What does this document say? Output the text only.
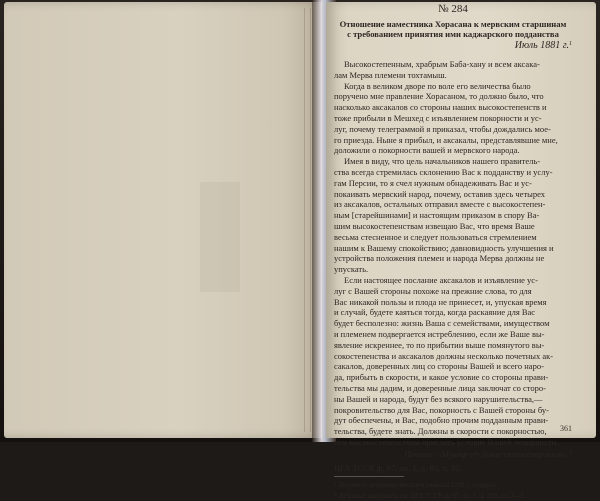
№ 284
Отношение наместника Хорасана к мервским старшинам
с требованием принятия ими каджарского подданства
Июль 1881 г.$^1$

Высокостепенным, храбрым Баба-хану и всем аксака-
лам Мерва племени тохтамыш.

Когда в великом дворе по воле его величества было
поручено мне правление Хорасаном, то должно было, что
насколько аксакалов со стороны наших высокостепенств и
тоже прибыли в Мешхед с изъявлением покорности и ус-
луг, почему телеграммой я приказал, чтобы дождались мое-
го приезда. Ныне я прибыл, и аксакалы, представлявшие мне,
доложили о покорности вашей и мервского народа.

Имея в виду, что цель начальников нашего правитель-
ства всегда стремилась склонению Вас к подданству и услу-
гам Персии, то я счел нужным обнадеживать Вас и ус-
покаивать мервский народ, почему, оставив здесь четырех
из аксакалов, остальных отправил вместе с высокостепен-
ным [старейшинами] и настоящим приказом в спору Ва-
шим высокостепенствам извещаю Вас, что время Ваше
весьма стесненное и следует пользоваться стремлением
нашим к Вашему спокойствию; давновидность улучшения и
устройства положения племен и народа Мерва должны не
упускать.

Если настоящее послание аксакалов и изъявление ус-
луг с Вашей стороны похоже на прежние слова, то для
Вас никакой пользы и плода не принесет, и, упуская время
и случай, будете каяться тогда, когда раскаяние для Вас
будет бесполезно: жизнь Ваша с семействами, имуществом
и племенем подвергается истреблению, если же Ваше вы-
явление искреннее, то по прибытии выше помянутого вы-
сокостепенства и аксакалов должны несколько почетных ак-
сакалов, доверенных лиц со стороны Вашей и всего наро-
да, прибыть в скорости, и какое условие со стороны прави-
тельства мы дадим, и доверенные лица заключат со сторо-
ны Вашей и народа, будут без всякого нарушительства,—
покровительство для Вас, покорность с Вашей стороны бу-
дут обеспечены, и Вас, подобно прочим подданным прави-
тельства, будете знать. Должны в скорости с покорностью,
тем высокостепенством прислать условие Вашей покорности.

Печать: «Мушир уд-Довле сепахсалар азам».$^2$
ЦГА ТССР, ф. 97, оп. 1, д. 88, л. 32.
$^1$ Документ датирован месяцем рамазан 1298 г. хиджры.
$^2$ Дубликат документа см. ЦГА ТССР, ф. 97, оп. 1, д. 259, лл. 2—3.
361
